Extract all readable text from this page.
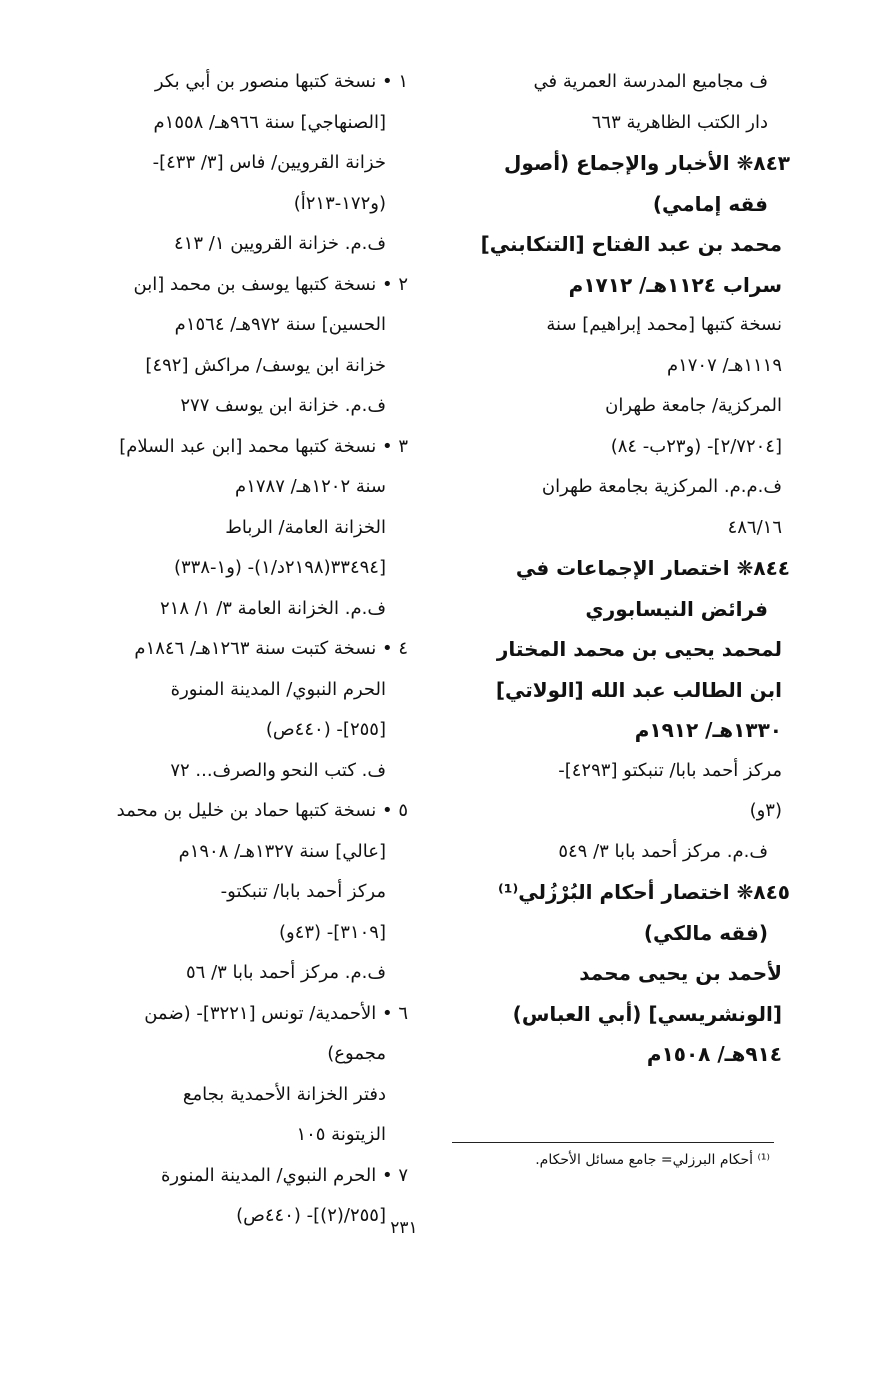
ف مجاميع المدرسة العمرية في
دار الكتب الظاهرية ٦٦٣
٨٤٣❋ الأخبار والإجماع (أصول
فقه إمامي)
محمد بن عبد الفتاح [التنكابني]
سراب ١١٢٤هـ/ ١٧١٢م
نسخة كتبها [محمد إبراهيم] سنة
١١١٩هـ/ ١٧٠٧م
المركزية/ جامعة طهران
[٢/٧٢٠٤]- (و٢٣ب- ٨٤)
ف.م.م. المركزية بجامعة طهران
٤٨٦/١٦
٨٤٤❋ اختصار الإجماعات في
فرائض النيسابوري
لمحمد يحيى بن محمد المختار
ابن الطالب عبد الله [الولاتي]
١٣٣٠هـ/ ١٩١٢م
مركز أحمد بابا/ تنبكتو [٤٢٩٣]-
(٣و)
ف.م. مركز أحمد بابا ٣/ ٥٤٩
٨٤٥❋ اختصار أحكام البُرْزُلي⁽¹⁾
(فقه مالكي)
لأحمد بن يحيى محمد
[الونشريسي] (أبي العباس)
٩١٤هـ/ ١٥٠٨م
١ • نسخة كتبها منصور بن أبي بكر
[الصنهاجي] سنة ٩٦٦هـ/ ١٥٥٨م
خزانة القرويين/ فاس [٣/ ٤٣٣]-
(و١٧٢-٢١٣أ)
ف.م. خزانة القرويين ١/ ٤١٣
٢ • نسخة كتبها يوسف بن محمد [ابن
الحسين] سنة ٩٧٢هـ/ ١٥٦٤م
خزانة ابن يوسف/ مراكش [٤٩٢]
ف.م. خزانة ابن يوسف ٢٧٧
٣ • نسخة كتبها محمد [ابن عبد السلام]
سنة ١٢٠٢هـ/ ١٧٨٧م
الخزانة العامة/ الرباط
[٣٣٤٩٤(٢١٩٨د/١)- (و١-٣٣٨)
ف.م. الخزانة العامة ٣/ ١/ ٢١٨
٤ • نسخة كتبت سنة ١٢٦٣هـ/ ١٨٤٦م
الحرم النبوي/ المدينة المنورة
[٢٥٥]- (٤٤٠ص)
ف. كتب النحو والصرف... ٧٢
٥ • نسخة كتبها حماد بن خليل بن محمد
[عالي] سنة ١٣٢٧هـ/ ١٩٠٨م
مركز أحمد بابا/ تنبكتو-
[٣١٠٩]- (٤٣و)
ف.م. مركز أحمد بابا ٣/ ٥٦
٦ • الأحمدية/ تونس [٣٢٢١]- (ضمن
مجموع)
دفتر الخزانة الأحمدية بجامع
الزيتونة ١٠٥
٧ • الحرم النبوي/ المدينة المنورة
[٢٥٥/(٢)]- (٤٤٠ص)
⁽¹⁾ أحكام البرزلي= جامع مسائل الأحكام.
٢٣١
